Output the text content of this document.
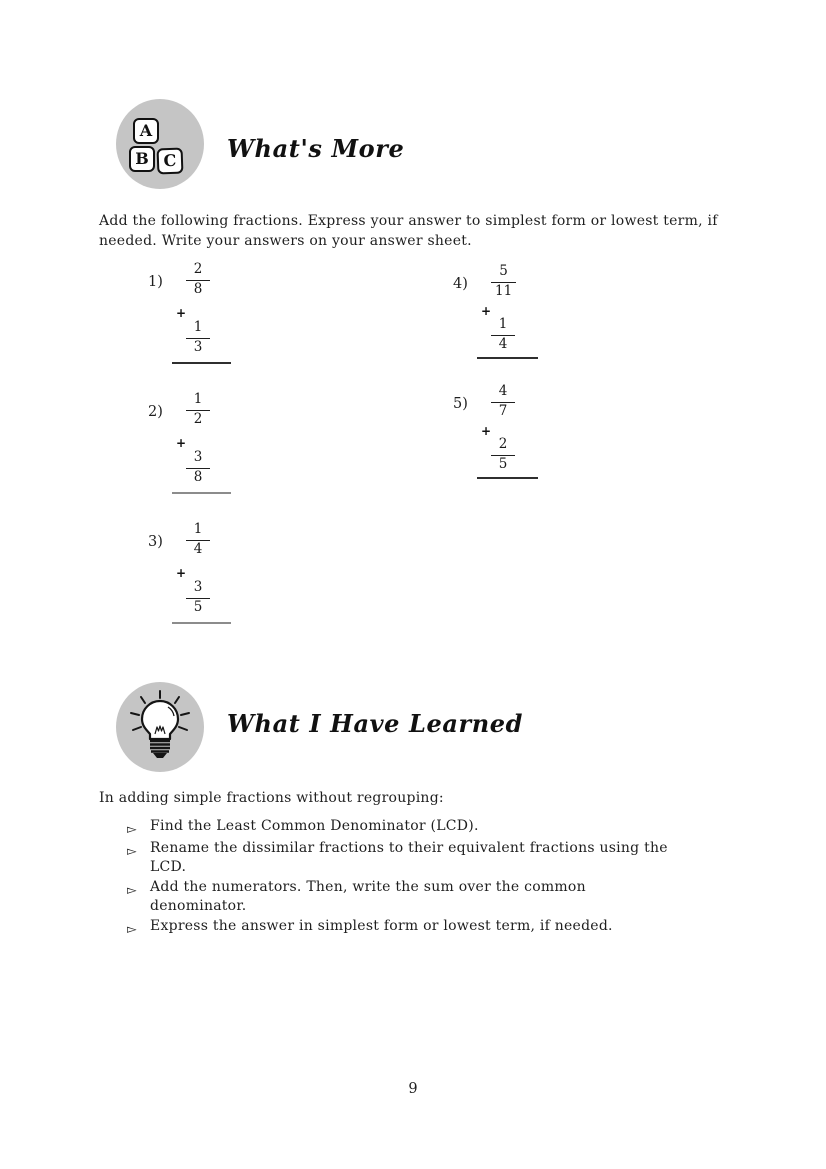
A
B C What's More

Add the following fractions. Express your answer to simplest form or lowest term, if
needed. Write your answers on your answer sheet.

1)
2
8
+
1
3
2)
1
2
+
3
8
3)
1
4
+
3
5
4)
5
11
+
1
4
5)
4
7
+
2
5
What I Have Learned

In adding simple fractions without regrouping:

▻ Find the Least Common Denominator (LCD).
▻ Rename the dissimilar fractions to their equivalent fractions using the
LCD.
▻ Add the numerators. Then, write the sum over the common
denominator.
▻ Express the answer in simplest form or lowest term, if needed.
9
